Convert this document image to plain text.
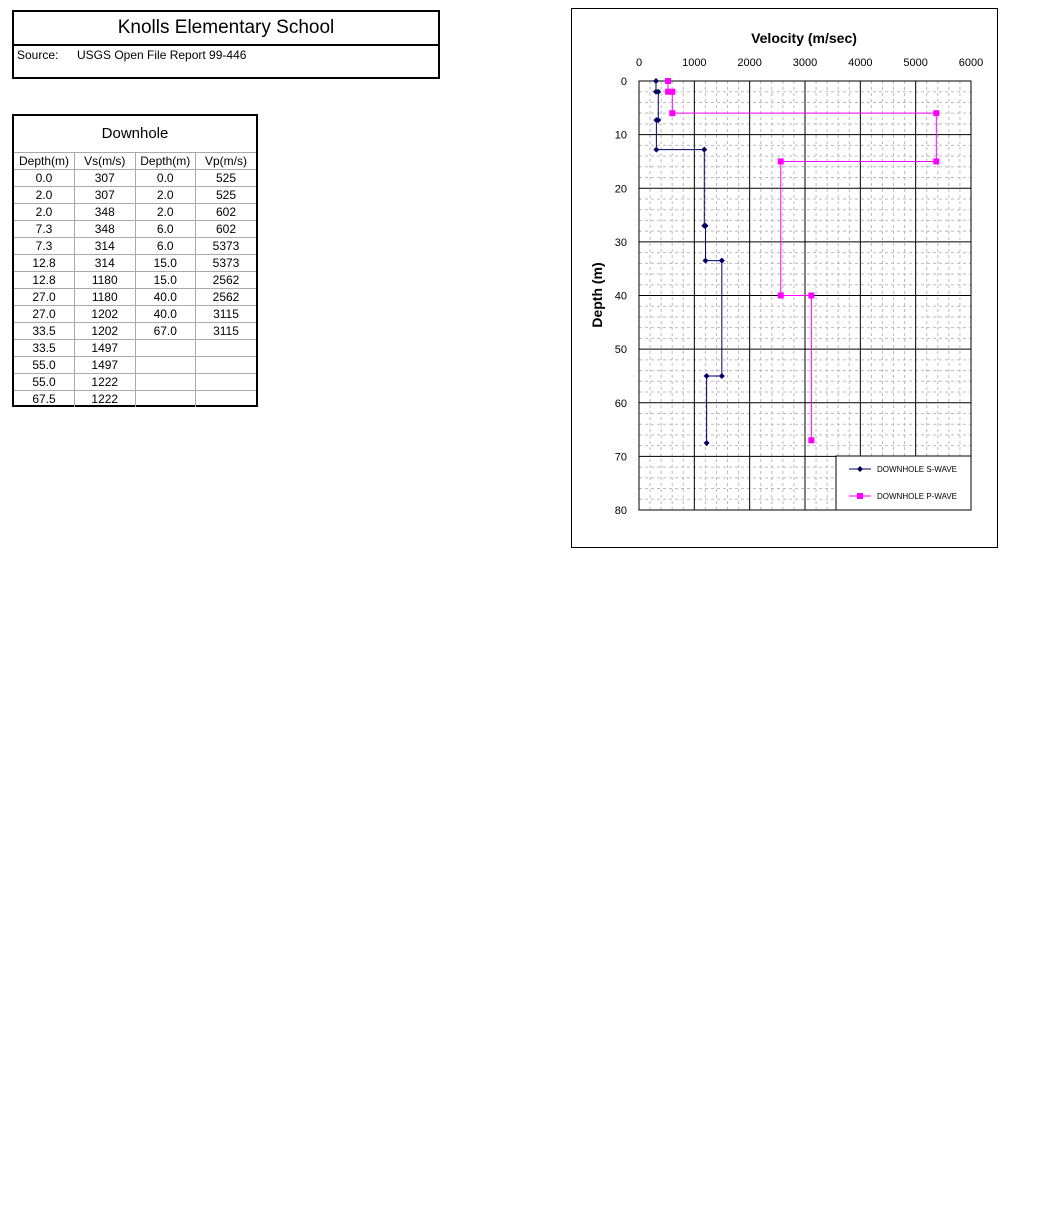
Knolls Elementary School
Source: USGS Open File Report 99-446
Downhole
Depth(m)	Vs(m/s)	Depth(m)	Vp(m/s)
0.0	307	0.0	525
2.0	307	2.0	525
2.0	348	2.0	602
7.3	348	6.0	602
7.3	314	6.0	5373
12.8	314	15.0	5373
12.8	1180	15.0	2562
27.0	1180	40.0	2562
27.0	1202	40.0	3115
33.5	1202	67.0	3115
33.5	1497		
55.0	1497		
55.0	1222		
67.5	1222		
0	1000	2000	3000	4000	5000	6000
0
10
20
30
40
50
60
70
80
Velocity (m/sec)
Depth (m)
DOWNHOLE S-WAVE
DOWNHOLE P-WAVE
